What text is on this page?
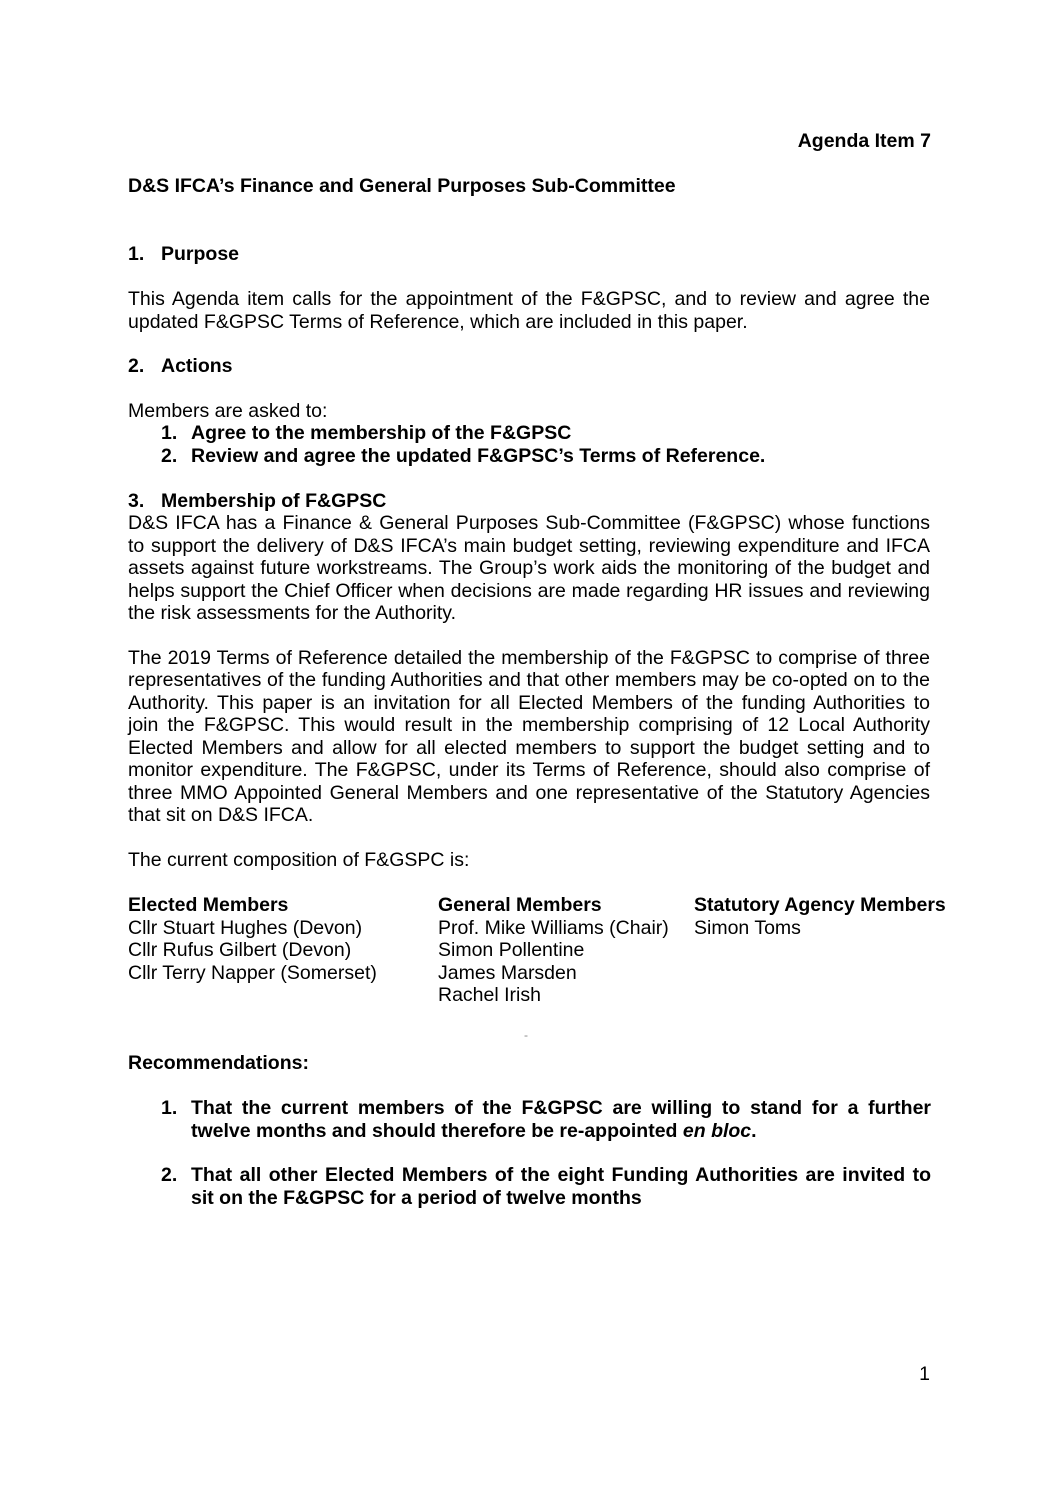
Agenda Item 7
D&S IFCA’s Finance and General Purposes Sub-Committee
1. Purpose
This Agenda item calls for the appointment of the F&GPSC, and to review and agree the
updated F&GPSC Terms of Reference, which are included in this paper.
2. Actions
Members are asked to:
1. Agree to the membership of the F&GPSC
2. Review and agree the updated F&GPSC’s Terms of Reference.
3. Membership of F&GPSC
D&S IFCA has a Finance & General Purposes Sub-Committee (F&GPSC) whose functions
to support the delivery of D&S IFCA’s main budget setting, reviewing expenditure and IFCA
assets against future workstreams. The Group’s work aids the monitoring of the budget and
helps support the Chief Officer when decisions are made regarding HR issues and reviewing
the risk assessments for the Authority.
The 2019 Terms of Reference detailed the membership of the F&GPSC to comprise of three
representatives of the funding Authorities and that other members may be co-opted on to the
Authority. This paper is an invitation for all Elected Members of the funding Authorities to
join the F&GPSC. This would result in the membership comprising of 12 Local Authority
Elected Members and allow for all elected members to support the budget setting and to
monitor expenditure. The F&GPSC, under its Terms of Reference, should also comprise of
three MMO Appointed General Members and one representative of the Statutory Agencies
that sit on D&S IFCA.
The current composition of F&GSPC is:
Elected Members
Cllr Stuart Hughes (Devon)
Cllr Rufus Gilbert (Devon)
Cllr Terry Napper (Somerset)
General Members
Prof. Mike Williams (Chair)
Simon Pollentine
James Marsden
Rachel Irish
Statutory Agency Members
Simon Toms
-
Recommendations:
1. That the current members of the F&GPSC are willing to stand for a further
twelve months and should therefore be re-appointed en bloc.
2. That all other Elected Members of the eight Funding Authorities are invited to
sit on the F&GPSC for a period of twelve months
1
